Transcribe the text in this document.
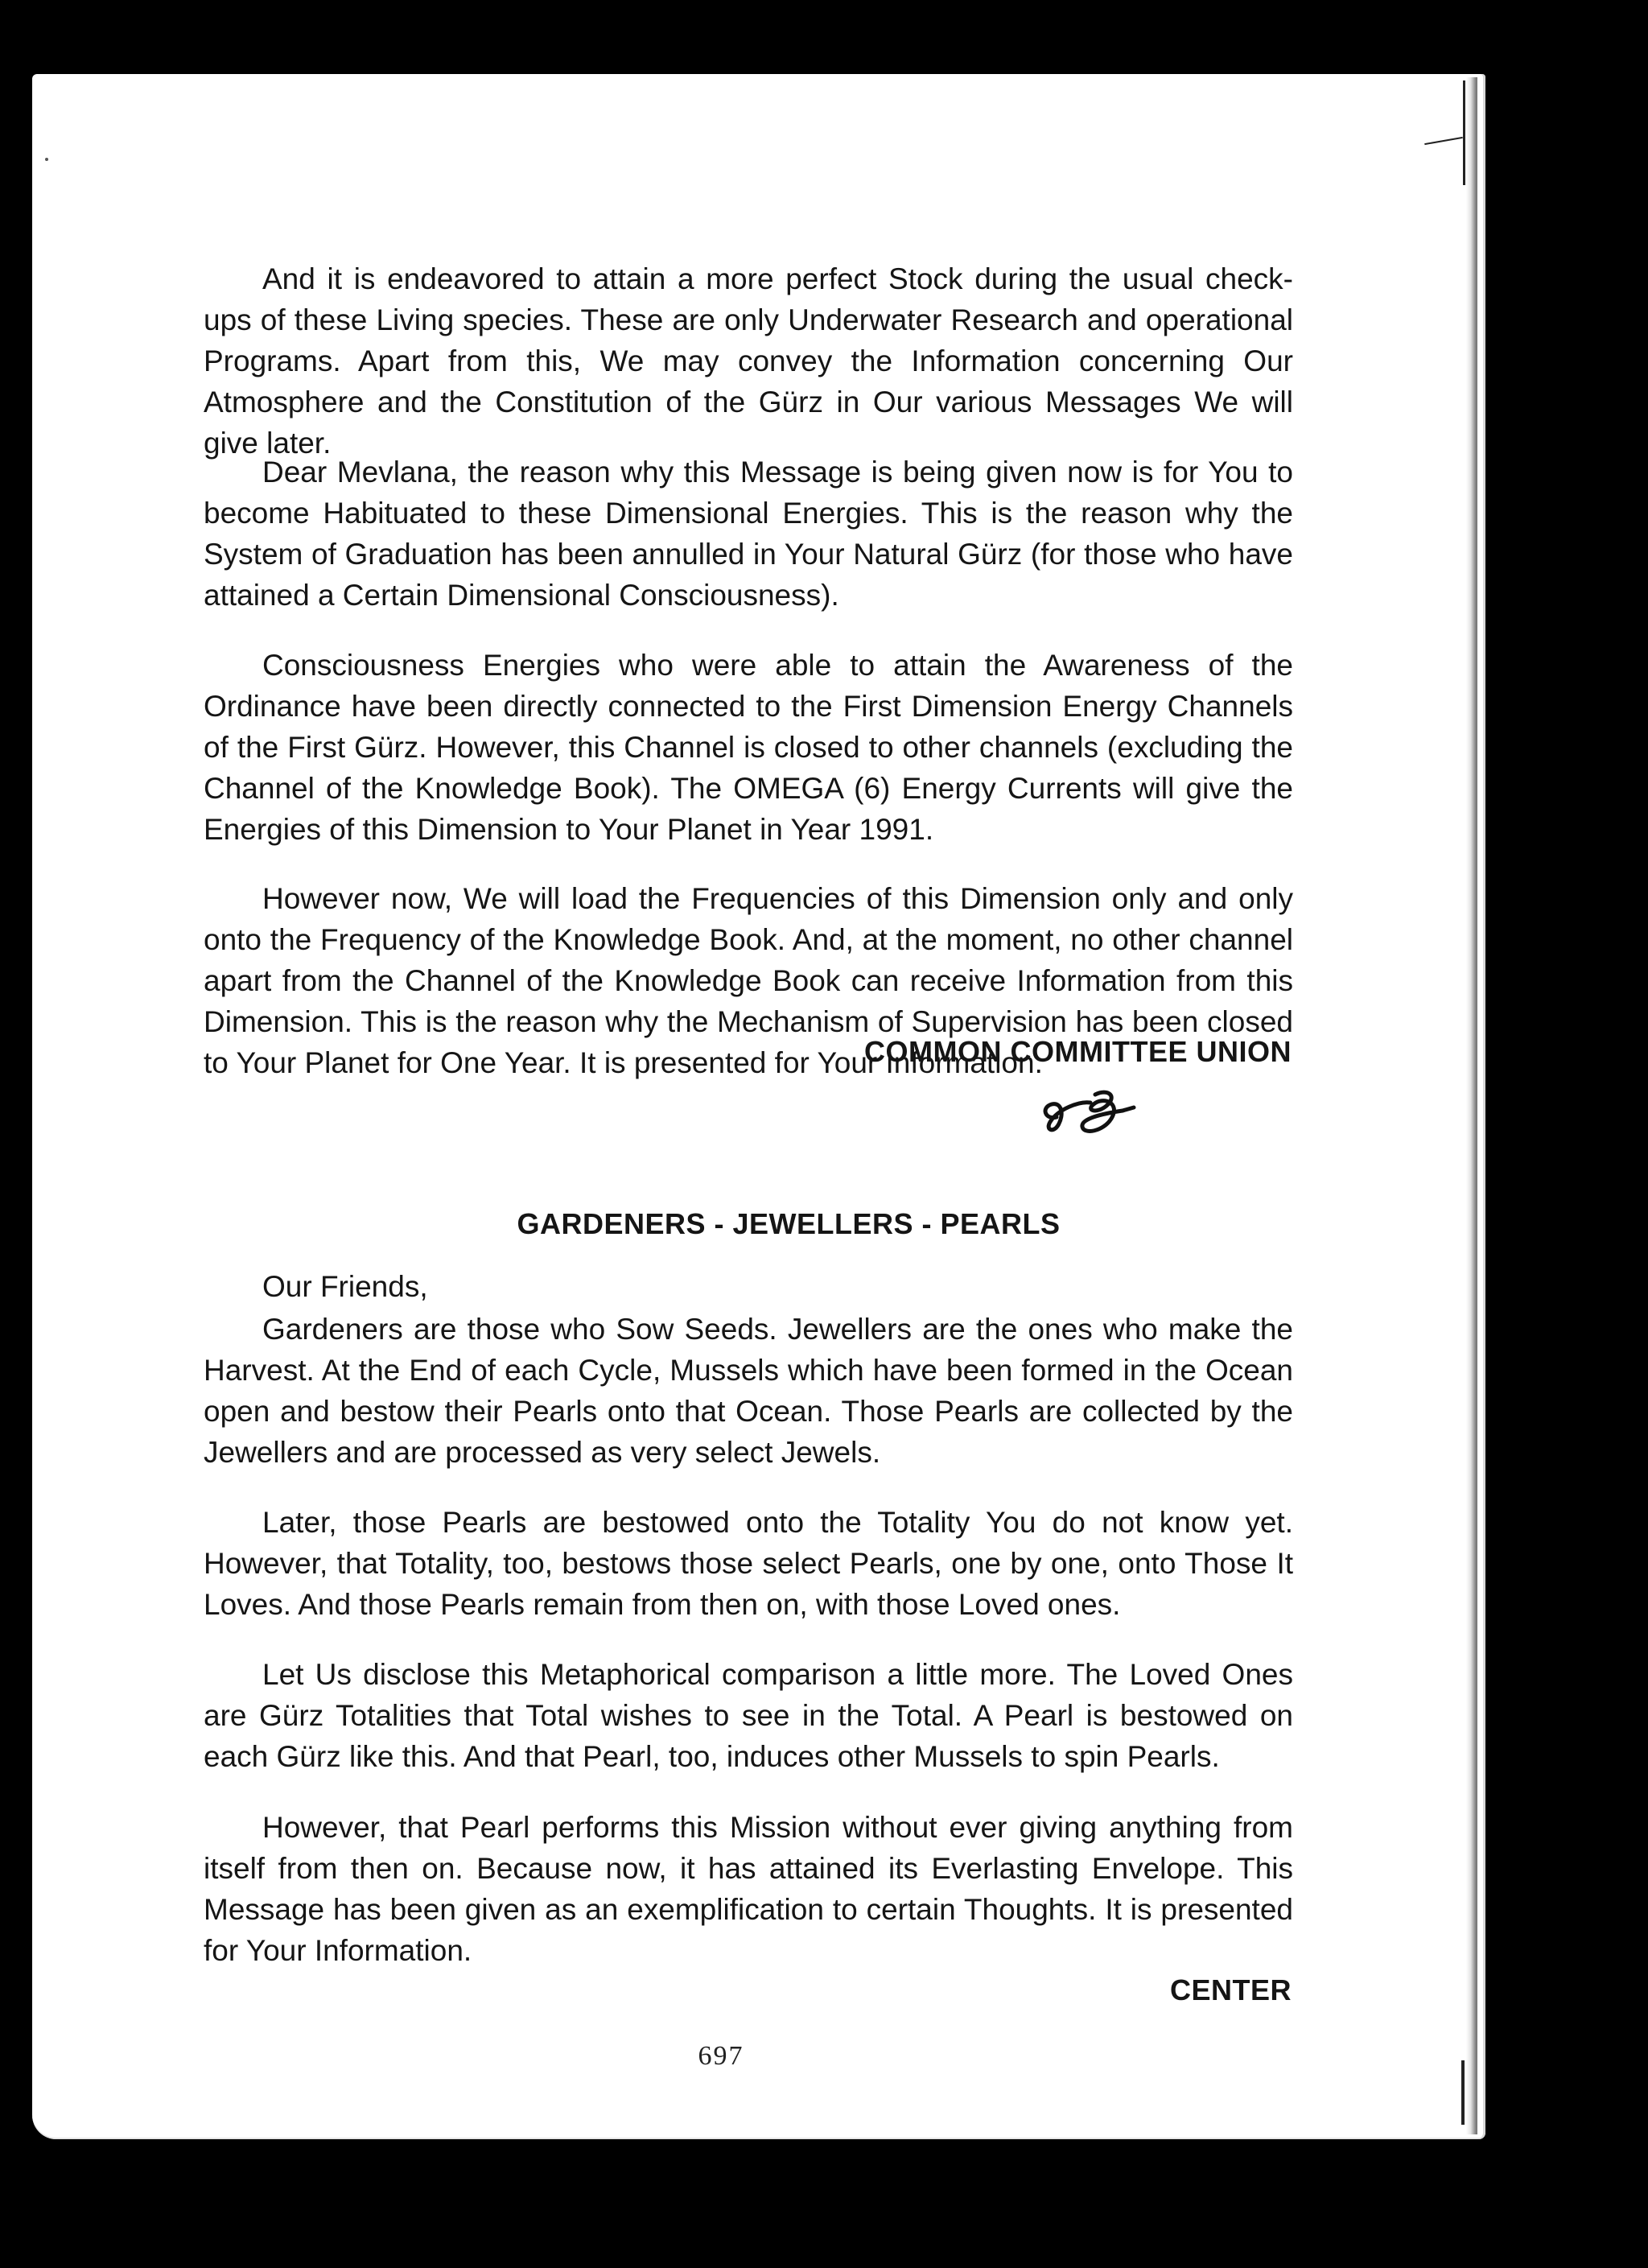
And it is endeavored to attain a more perfect Stock during the usual check-ups of these Living species. These are only Underwater Research and operational Programs. Apart from this, We may convey the Information concerning Our Atmosphere and the Constitution of the Gürz in Our various Messages We will give later.

Dear Mevlana, the reason why this Message is being given now is for You to become Habituated to these Dimensional Energies. This is the reason why the System of Graduation has been annulled in Your Natural Gürz (for those who have attained a Certain Dimensional Consciousness).

Consciousness Energies who were able to attain the Awareness of the Ordinance have been directly connected to the First Dimension Energy Channels of the First Gürz. However, this Channel is closed to other channels (excluding the Channel of the Knowledge Book). The OMEGA (6) Energy Currents will give the Energies of this Dimension to Your Planet in Year 1991.

However now, We will load the Frequencies of this Dimension only and only onto the Frequency of the Knowledge Book. And, at the moment, no other channel apart from the Channel of the Knowledge Book can receive Information from this Dimension. This is the reason why the Mechanism of Supervision has been closed to Your Planet for One Year. It is presented for Your Information.

COMMON COMMITTEE UNION
GARDENERS - JEWELLERS - PEARLS

Our Friends,

Gardeners are those who Sow Seeds. Jewellers are the ones who make the Harvest. At the End of each Cycle, Mussels which have been formed in the Ocean open and bestow their Pearls onto that Ocean. Those Pearls are collected by the Jewellers and are processed as very select Jewels.

Later, those Pearls are bestowed onto the Totality You do not know yet. However, that Totality, too, bestows those select Pearls, one by one, onto Those It Loves. And those Pearls remain from then on, with those Loved ones.

Let Us disclose this Metaphorical comparison a little more. The Loved Ones are Gürz Totalities that Total wishes to see in the Total. A Pearl is bestowed on each Gürz like this. And that Pearl, too, induces other Mussels to spin Pearls.

However, that Pearl performs this Mission without ever giving anything from itself from then on. Because now, it has attained its Everlasting Envelope. This Message has been given as an exemplification to certain Thoughts. It is presented for Your Information.

CENTER
697
